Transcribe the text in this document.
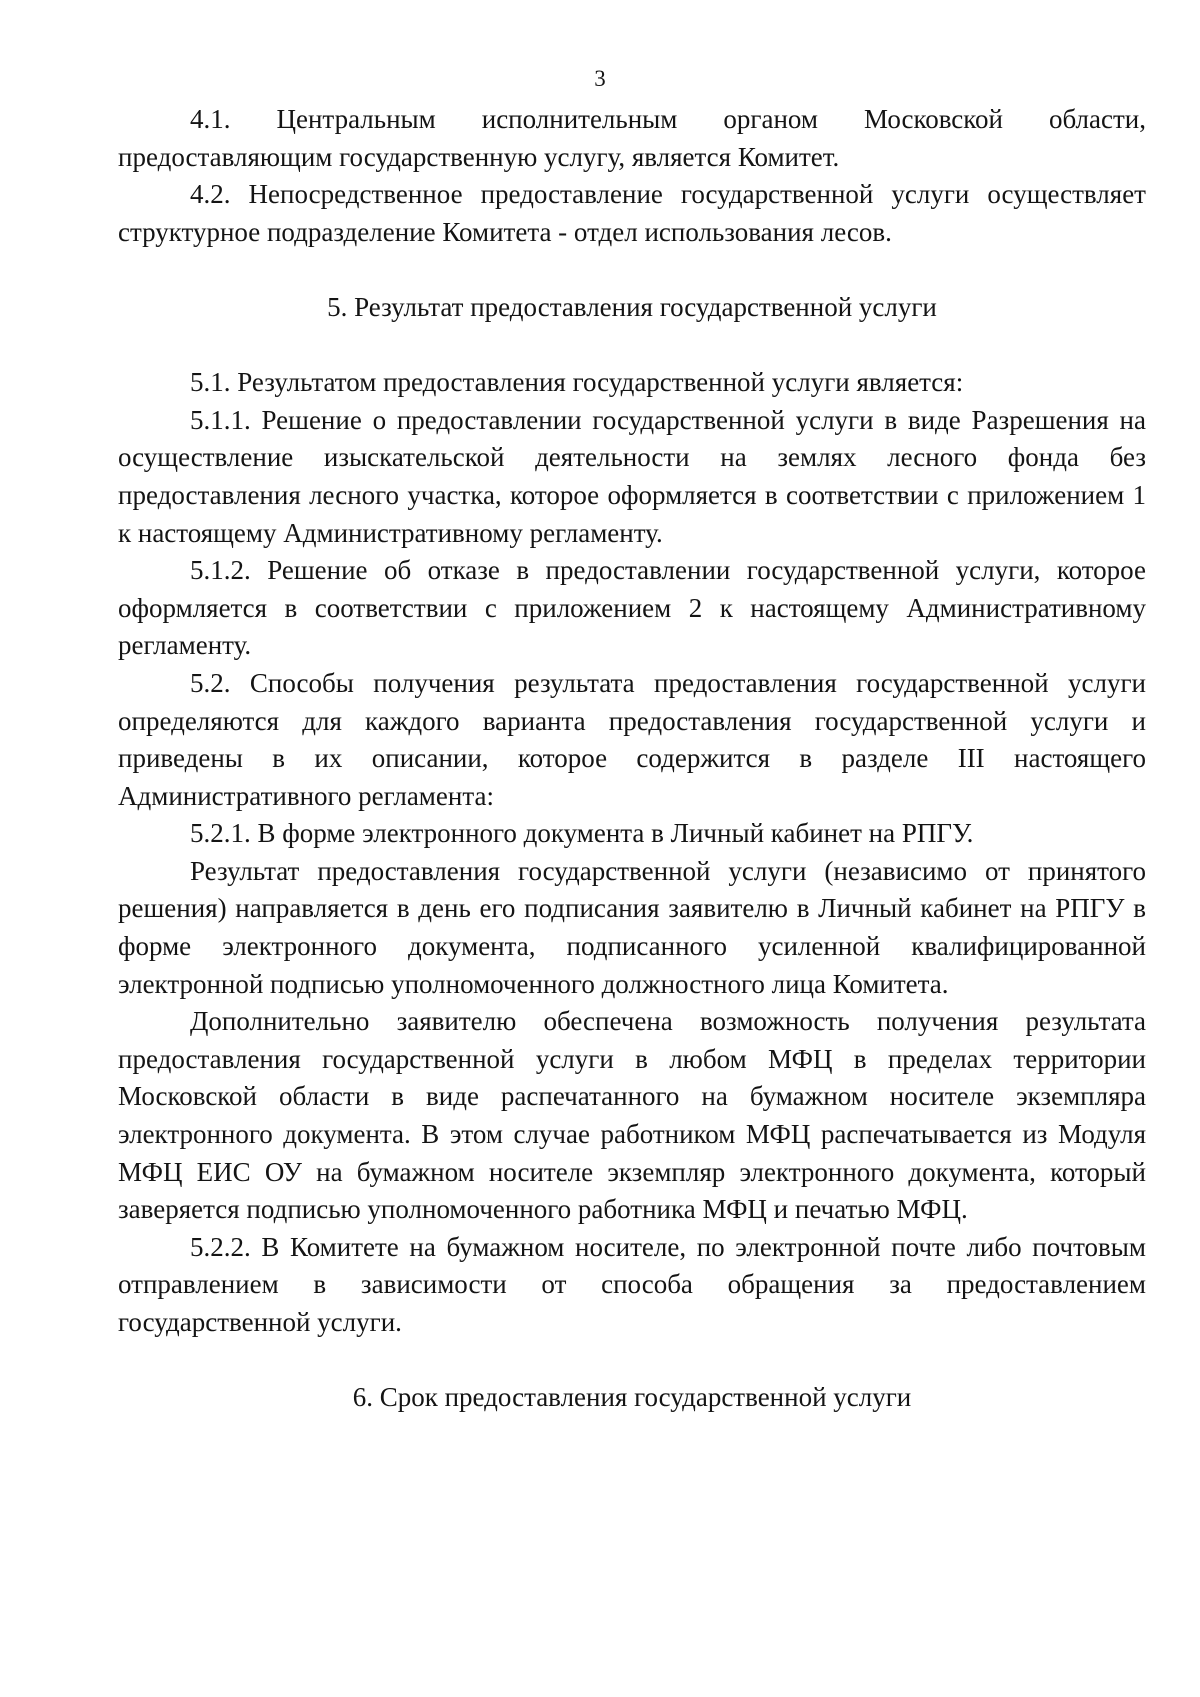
3

4.1. Центральным исполнительным органом Московской области, предоставляющим государственную услугу, является Комитет.

4.2. Непосредственное предоставление государственной услуги осуществляет структурное подразделение Комитета - отдел использования лесов.

5. Результат предоставления государственной услуги

5.1. Результатом предоставления государственной услуги является:

5.1.1. Решение о предоставлении государственной услуги в виде Разрешения на осуществление изыскательской деятельности на землях лесного фонда без предоставления лесного участка, которое оформляется в соответствии с приложением 1 к настоящему Административному регламенту.

5.1.2. Решение об отказе в предоставлении государственной услуги, которое оформляется в соответствии с приложением 2 к настоящему Административному регламенту.

5.2. Способы получения результата предоставления государственной услуги определяются для каждого варианта предоставления государственной услуги и приведены в их описании, которое содержится в разделе III настоящего Административного регламента:

5.2.1. В форме электронного документа в Личный кабинет на РПГУ.

Результат предоставления государственной услуги (независимо от принятого решения) направляется в день его подписания заявителю в Личный кабинет на РПГУ в форме электронного документа, подписанного усиленной квалифицированной электронной подписью уполномоченного должностного лица Комитета.

Дополнительно заявителю обеспечена возможность получения результата предоставления государственной услуги в любом МФЦ в пределах территории Московской области в виде распечатанного на бумажном носителе экземпляра электронного документа. В этом случае работником МФЦ распечатывается из Модуля МФЦ ЕИС ОУ на бумажном носителе экземпляр электронного документа, который заверяется подписью уполномоченного работника МФЦ и печатью МФЦ.

5.2.2. В Комитете на бумажном носителе, по электронной почте либо почтовым отправлением в зависимости от способа обращения за предоставлением государственной услуги.

6. Срок предоставления государственной услуги
